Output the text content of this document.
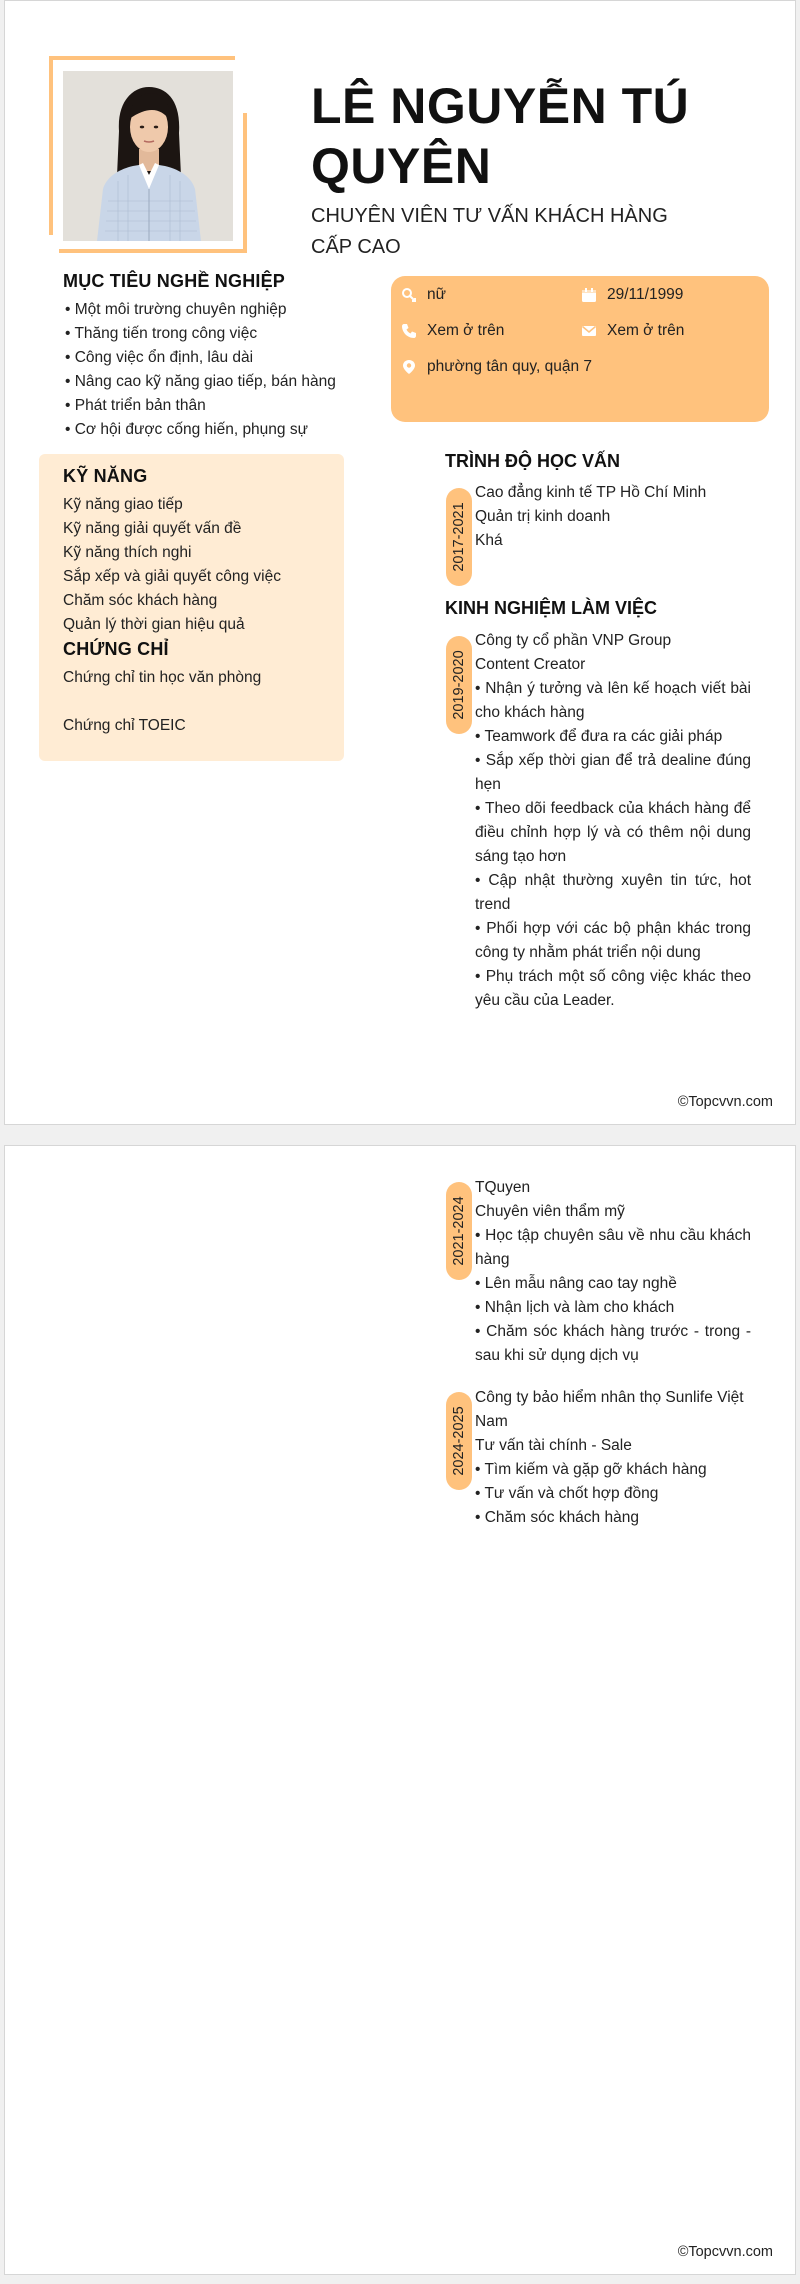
LÊ NGUYỄN TÚ QUYÊN
CHUYÊN VIÊN TƯ VẤN KHÁCH HÀNG CẤP CAO
MỤC TIÊU NGHỀ NGHIỆP
• Một môi trường chuyên nghiệp
• Thăng tiến trong công việc
• Công việc ổn định, lâu dài
• Nâng cao kỹ năng giao tiếp, bán hàng
• Phát triển bản thân
• Cơ hội được cống hiến, phụng sự
KỸ NĂNG
Kỹ năng giao tiếp
Kỹ năng giải quyết vấn đề
Kỹ năng thích nghi
Sắp xếp và giải quyết công việc
Chăm sóc khách hàng
Quản lý thời gian hiệu quả
CHỨNG CHỈ
Chứng chỉ tin học văn phòng
Chứng chỉ TOEIC
nữ	29/11/1999
Xem ở trên	Xem ở trên
phường tân quy, quận 7
TRÌNH ĐỘ HỌC VẤN
2017-2021
Cao đẳng kinh tế TP Hồ Chí Minh
Quản trị kinh doanh
Khá
KINH NGHIỆM LÀM VIỆC
2019-2020
Công ty cổ phần VNP Group
Content Creator
• Nhận ý tưởng và lên kế hoạch viết bài cho khách hàng
• Teamwork để đưa ra các giải pháp
• Sắp xếp thời gian để trả dealine đúng hẹn
• Theo dõi feedback của khách hàng để điều chỉnh hợp lý và có thêm nội dung sáng tạo hơn
• Cập nhật thường xuyên tin tức, hot trend
• Phối hợp với các bộ phận khác trong công ty nhằm phát triển nội dung
• Phụ trách một số công việc khác theo yêu cầu của Leader.
©Topcvvn.com
2021-2024
TQuyen
Chuyên viên thẩm mỹ
• Học tập chuyên sâu về nhu cầu khách hàng
• Lên mẫu nâng cao tay nghề
• Nhận lịch và làm cho khách
• Chăm sóc khách hàng trước - trong - sau khi sử dụng dịch vụ
2024-2025
Công ty bảo hiểm nhân thọ Sunlife Việt Nam
Tư vấn tài chính - Sale
• Tìm kiếm và gặp gỡ khách hàng
• Tư vấn và chốt hợp đồng
• Chăm sóc khách hàng
©Topcvvn.com
